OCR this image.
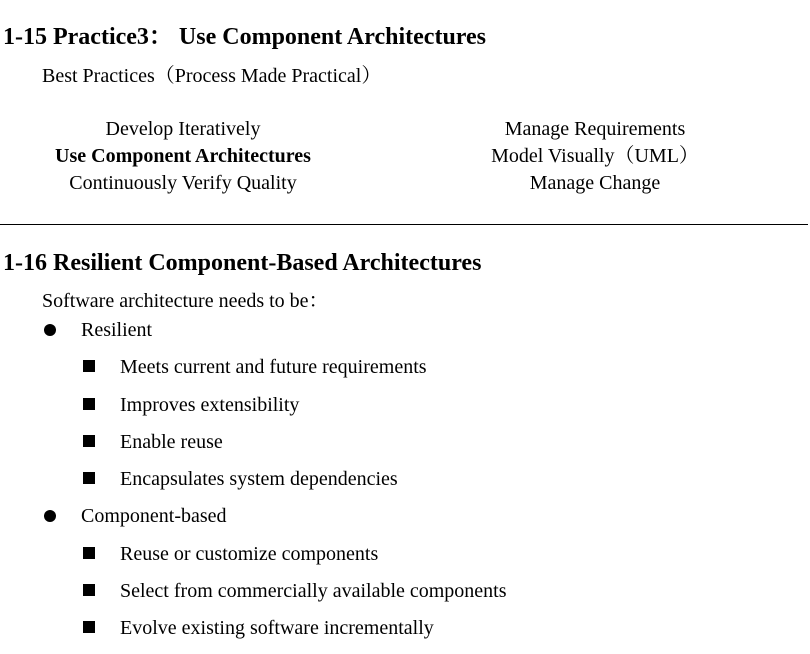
1-15 Practice3： Use Component Architectures
Best Practices（Process Made Practical）
Develop Iteratively
Use Component Architectures
Continuously Verify Quality
Manage Requirements
Model Visually（UML）
Manage Change
1-16 Resilient Component-Based Architectures
Software architecture needs to be：
Resilient
Meets current and future requirements
Improves extensibility
Enable reuse
Encapsulates system dependencies
Component-based
Reuse or customize components
Select from commercially available components
Evolve existing software incrementally
